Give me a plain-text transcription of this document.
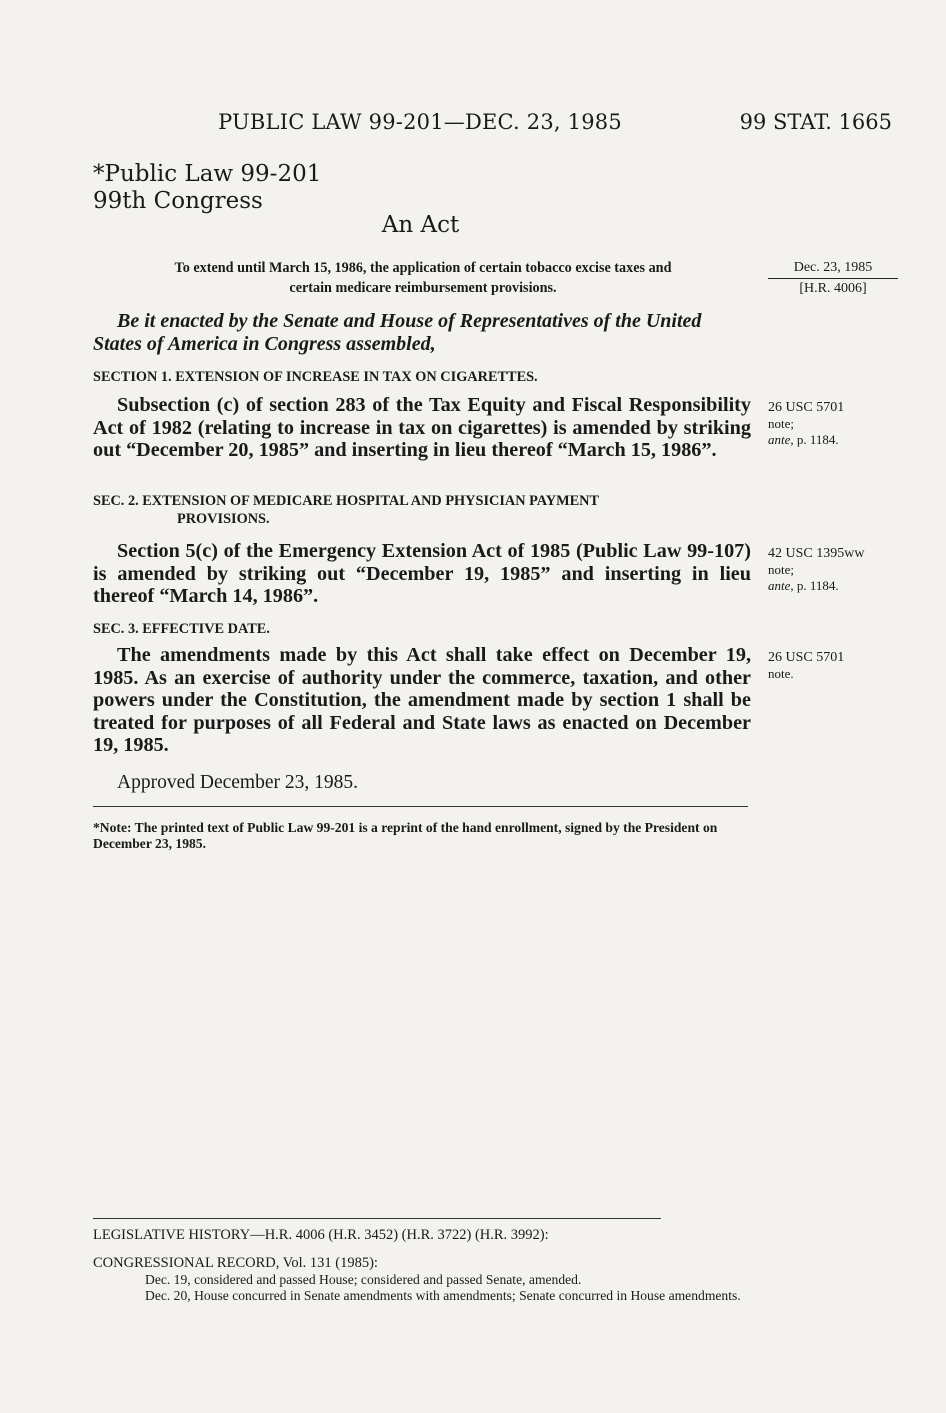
PUBLIC LAW 99-201—DEC. 23, 1985	99 STAT. 1665
*Public Law 99-201
99th Congress
An Act
To extend until March 15, 1986, the application of certain tobacco excise taxes and
certain medicare reimbursement provisions.
Dec. 23, 1985
[H.R. 4006]
Be it enacted by the Senate and House of Representatives of the United States of America in Congress assembled,
SECTION 1. EXTENSION OF INCREASE IN TAX ON CIGARETTES.
Subsection (c) of section 283 of the Tax Equity and Fiscal Responsibility Act of 1982 (relating to increase in tax on cigarettes) is amended by striking out “December 20, 1985” and inserting in lieu thereof “March 15, 1986”.
26 USC 5701
note;
ante, p. 1184.
SEC. 2. EXTENSION OF MEDICARE HOSPITAL AND PHYSICIAN PAYMENT
PROVISIONS.
Section 5(c) of the Emergency Extension Act of 1985 (Public Law 99-107) is amended by striking out “December 19, 1985” and inserting in lieu thereof “March 14, 1986”.
42 USC 1395ww
note;
ante, p. 1184.
SEC. 3. EFFECTIVE DATE.
The amendments made by this Act shall take effect on December 19, 1985. As an exercise of authority under the commerce, taxation, and other powers under the Constitution, the amendment made by section 1 shall be treated for purposes of all Federal and State laws as enacted on December 19, 1985.
26 USC 5701
note.
Approved December 23, 1985.
*Note: The printed text of Public Law 99-201 is a reprint of the hand enrollment, signed by the President on December 23, 1985.
LEGISLATIVE HISTORY—H.R. 4006 (H.R. 3452) (H.R. 3722) (H.R. 3992):
CONGRESSIONAL RECORD, Vol. 131 (1985):
Dec. 19, considered and passed House; considered and passed Senate, amended.
Dec. 20, House concurred in Senate amendments with amendments; Senate concurred in House amendments.
